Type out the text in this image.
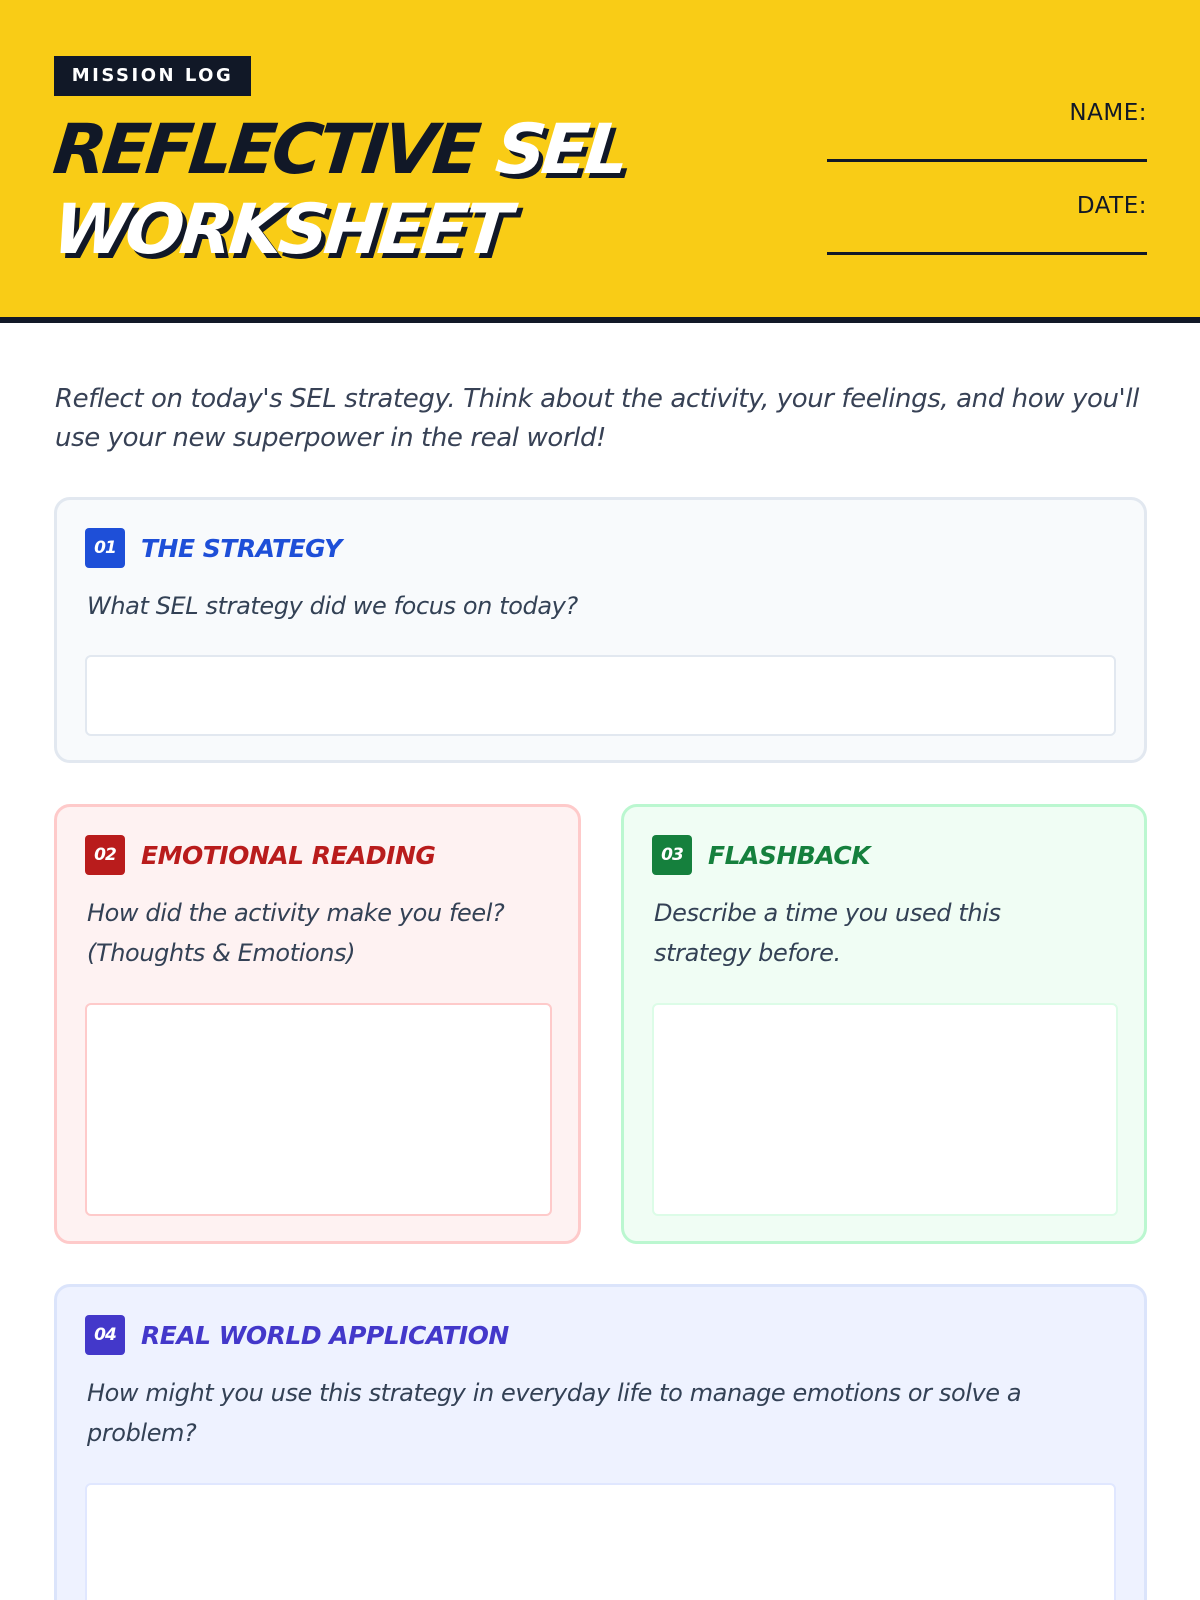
MISSION LOG
REFLECTIVE SEL
WORKSHEET
NAME:
DATE:

Reflect on today's SEL strategy. Think about the activity, your feelings, and how you'll use your new superpower in the real world!

01	THE STRATEGY

What SEL strategy did we focus on today?

02	EMOTIONAL READING

How did the activity make you feel? (Thoughts & Emotions)

03	FLASHBACK

Describe a time you used this strategy before.

04	REAL WORLD APPLICATION

How might you use this strategy in everyday life to manage emotions or solve a problem?
